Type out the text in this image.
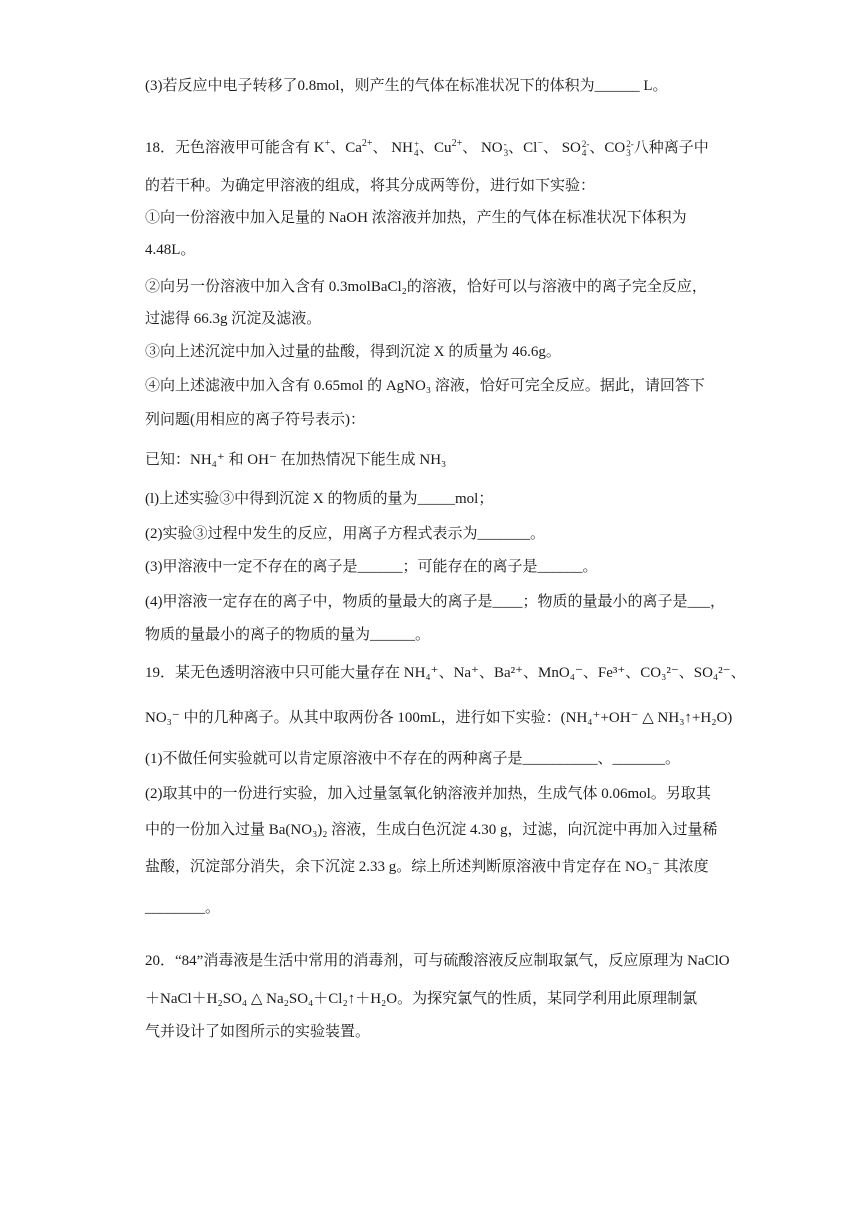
(3)若反应中电子转移了0.8mol，则产生的气体在标准状况下的体积为______ L。
18．无色溶液甲可能含有 K+、$Ca^{2+}$、 NH +
4 、$Cu^{2+}$、 NO -
3 、Cl−、 SO 2-
4 、CO 2-
3 八种离子中
的若干种。为确定甲溶液的组成，将其分成两等份，进行如下实验：
①向一份溶液中加入足量的 NaOH 浓溶液并加热，产生的气体在标准状况下体积为
4.48L。
②向另一份溶液中加入含有 0.3molBaCl₂的溶液，恰好可以与溶液中的离子完全反应，
过滤得 66.3g 沉淀及滤液。
③向上述沉淀中加入过量的盐酸，得到沉淀 X 的质量为 46.6g。
④向上述滤液中加入含有 0.65mol 的 AgNO₃ 溶液，恰好可完全反应。据此，请回答下
列问题(用相应的离子符号表示)：
已知：NH₄⁺ 和 OH⁻ 在加热情况下能生成 NH₃
(l)上述实验③中得到沉淀 X 的物质的量为_____mol；
(2)实验③过程中发生的反应，用离子方程式表示为_______。
(3)甲溶液中一定不存在的离子是______；可能存在的离子是______。
(4)甲溶液一定存在的离子中，物质的量最大的离子是____；物质的量最小的离子是___，
物质的量最小的离子的物质的量为______。
19．某无色透明溶液中只可能大量存在 NH₄⁺、Na⁺、Ba²⁺、MnO₄⁻、Fe³⁺、CO₃²⁻、SO₄²⁻、
NO₃⁻ 中的几种离子。从其中取两份各 100mL，进行如下实验：(NH₄⁺+OH⁻ △ NH₃↑+H₂O)
(1)不做任何实验就可以肯定原溶液中不存在的两种离子是__________、_______。
(2)取其中的一份进行实验，加入过量氢氧化钠溶液并加热，生成气体 0.06mol。另取其
中的一份加入过量 Ba(NO₃)₂ 溶液，生成白色沉淀 4.30 g，过滤，向沉淀中再加入过量稀
盐酸，沉淀部分消失，余下沉淀 2.33 g。综上所述判断原溶液中肯定存在 NO₃⁻ 其浓度
________。
20．“84”消毒液是生活中常用的消毒剂，可与硫酸溶液反应制取氯气，反应原理为 NaClO
＋NaCl＋H₂SO₄ △ Na₂SO₄＋Cl₂↑＋H₂O。为探究氯气的性质，某同学利用此原理制氯
气并设计了如图所示的实验装置。
